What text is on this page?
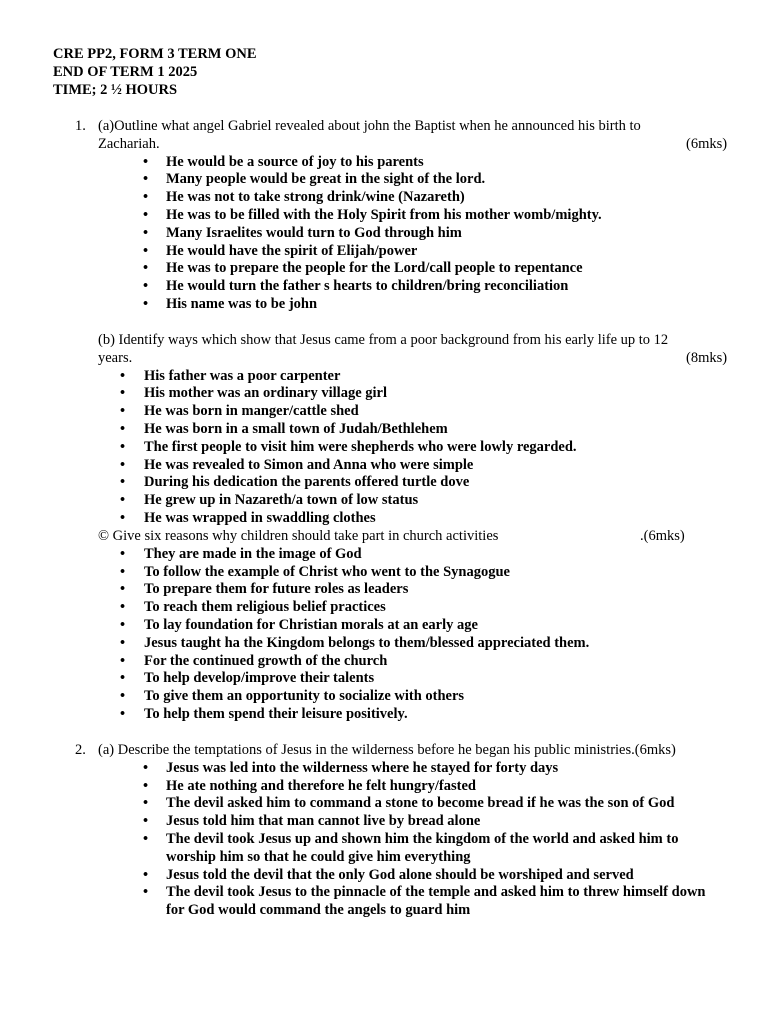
CRE PP2, FORM 3 TERM ONE
END OF TERM 1 2025
TIME; 2 ½ HOURS
1. (a)Outline what angel Gabriel revealed about john the Baptist when he announced his birth to
Zachariah.	(6mks)
• He would be a source of joy to his parents
• Many people would be great in the sight of the lord.
• He was not to take strong drink/wine (Nazareth)
• He was to be filled with the Holy Spirit from his mother womb/mighty.
• Many Israelites would turn to God through him
• He would have the spirit of Elijah/power
• He was to prepare the people for the Lord/call people to repentance
• He would turn the father s hearts to children/bring reconciliation
• His name was to be john
(b) Identify ways which show that Jesus came from a poor background from his early life up to 12
years.	(8mks)
• His father was a poor carpenter
• His mother was an ordinary village girl
• He was born in manger/cattle shed
• He was born in a small town of Judah/Bethlehem
• The first people to visit him were shepherds who were lowly regarded.
• He was revealed to Simon and Anna who were simple
• During his dedication the parents offered turtle dove
• He grew up in Nazareth/a town of low status
• He was wrapped in swaddling clothes
© Give six reasons why children should take part in church activities	.(6mks)
• They are made in the image of God
• To follow the example of Christ who went to the Synagogue
• To prepare them for future roles as leaders
• To reach them religious belief practices
• To lay foundation for Christian morals at an early age
• Jesus taught ha the Kingdom belongs to them/blessed appreciated them.
• For the continued growth of the church
• To help develop/improve their talents
• To give them an opportunity to socialize with others
• To help them spend their leisure positively.
2. (a) Describe the temptations of Jesus in the wilderness before he began his public ministries.(6mks)
• Jesus was led into the wilderness where he stayed for forty days
• He ate nothing and therefore he felt hungry/fasted
• The devil asked him to command a stone to become bread if he was the son of God
• Jesus told him that man cannot live by bread alone
• The devil took Jesus up and shown him the kingdom of the world and asked him to worship him so that he could give him everything
• Jesus told the devil that the only God alone should be worshiped and served
• The devil took Jesus to the pinnacle of the temple and asked him to threw himself down for God would command the angels to guard him
